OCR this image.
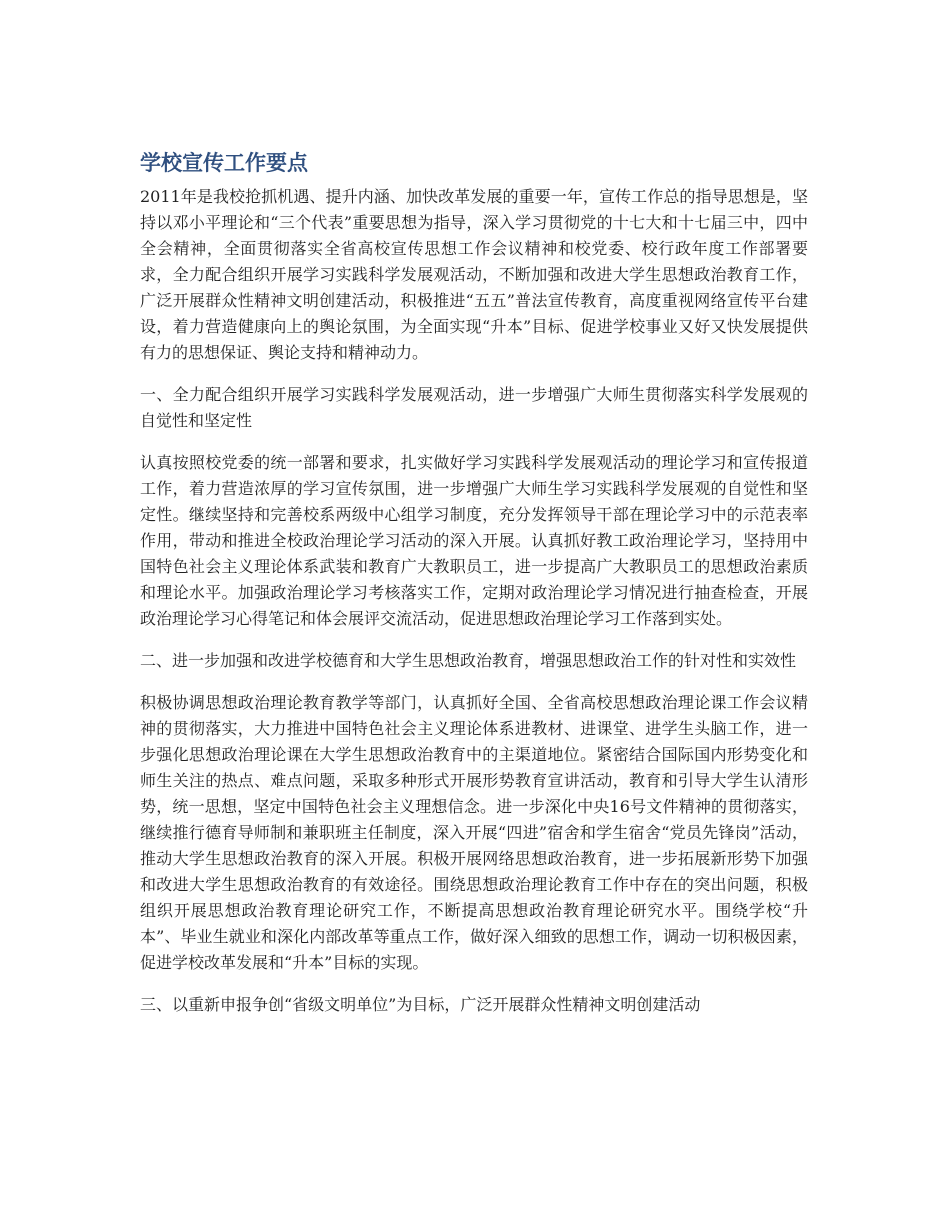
学校宣传工作要点

2011年是我校抢抓机遇、提升内涵、加快改革发展的重要一年，宣传工作总的指导思想是，坚持以邓小平理论和“三个代表”重要思想为指导，深入学习贯彻党的十七大和十七届三中，四中全会精神，全面贯彻落实全省高校宣传思想工作会议精神和校党委、校行政年度工作部署要求，全力配合组织开展学习实践科学发展观活动，不断加强和改进大学生思想政治教育工作，广泛开展群众性精神文明创建活动，积极推进“五五”普法宣传教育，高度重视网络宣传平台建设，着力营造健康向上的舆论氛围，为全面实现“升本”目标、促进学校事业又好又快发展提供有力的思想保证、舆论支持和精神动力。

一、全力配合组织开展学习实践科学发展观活动，进一步增强广大师生贯彻落实科学发展观的自觉性和坚定性

认真按照校党委的统一部署和要求，扎实做好学习实践科学发展观活动的理论学习和宣传报道工作，着力营造浓厚的学习宣传氛围，进一步增强广大师生学习实践科学发展观的自觉性和坚定性。继续坚持和完善校系两级中心组学习制度，充分发挥领导干部在理论学习中的示范表率作用，带动和推进全校政治理论学习活动的深入开展。认真抓好教工政治理论学习，坚持用中国特色社会主义理论体系武装和教育广大教职员工，进一步提高广大教职员工的思想政治素质和理论水平。加强政治理论学习考核落实工作，定期对政治理论学习情况进行抽查检查，开展政治理论学习心得笔记和体会展评交流活动，促进思想政治理论学习工作落到实处。

二、进一步加强和改进学校德育和大学生思想政治教育，增强思想政治工作的针对性和实效性

积极协调思想政治理论教育教学等部门，认真抓好全国、全省高校思想政治理论课工作会议精神的贯彻落实，大力推进中国特色社会主义理论体系进教材、进课堂、进学生头脑工作，进一步强化思想政治理论课在大学生思想政治教育中的主渠道地位。紧密结合国际国内形势变化和师生关注的热点、难点问题，采取多种形式开展形势教育宣讲活动，教育和引导大学生认清形势，统一思想，坚定中国特色社会主义理想信念。进一步深化中央16号文件精神的贯彻落实，继续推行德育导师制和兼职班主任制度，深入开展“四进”宿舍和学生宿舍“党员先锋岗”活动，推动大学生思想政治教育的深入开展。积极开展网络思想政治教育，进一步拓展新形势下加强和改进大学生思想政治教育的有效途径。围绕思想政治理论教育工作中存在的突出问题，积极组织开展思想政治教育理论研究工作，不断提高思想政治教育理论研究水平。围绕学校“升本”、毕业生就业和深化内部改革等重点工作，做好深入细致的思想工作，调动一切积极因素，促进学校改革发展和“升本”目标的实现。

三、以重新申报争创“省级文明单位”为目标，广泛开展群众性精神文明创建活动
